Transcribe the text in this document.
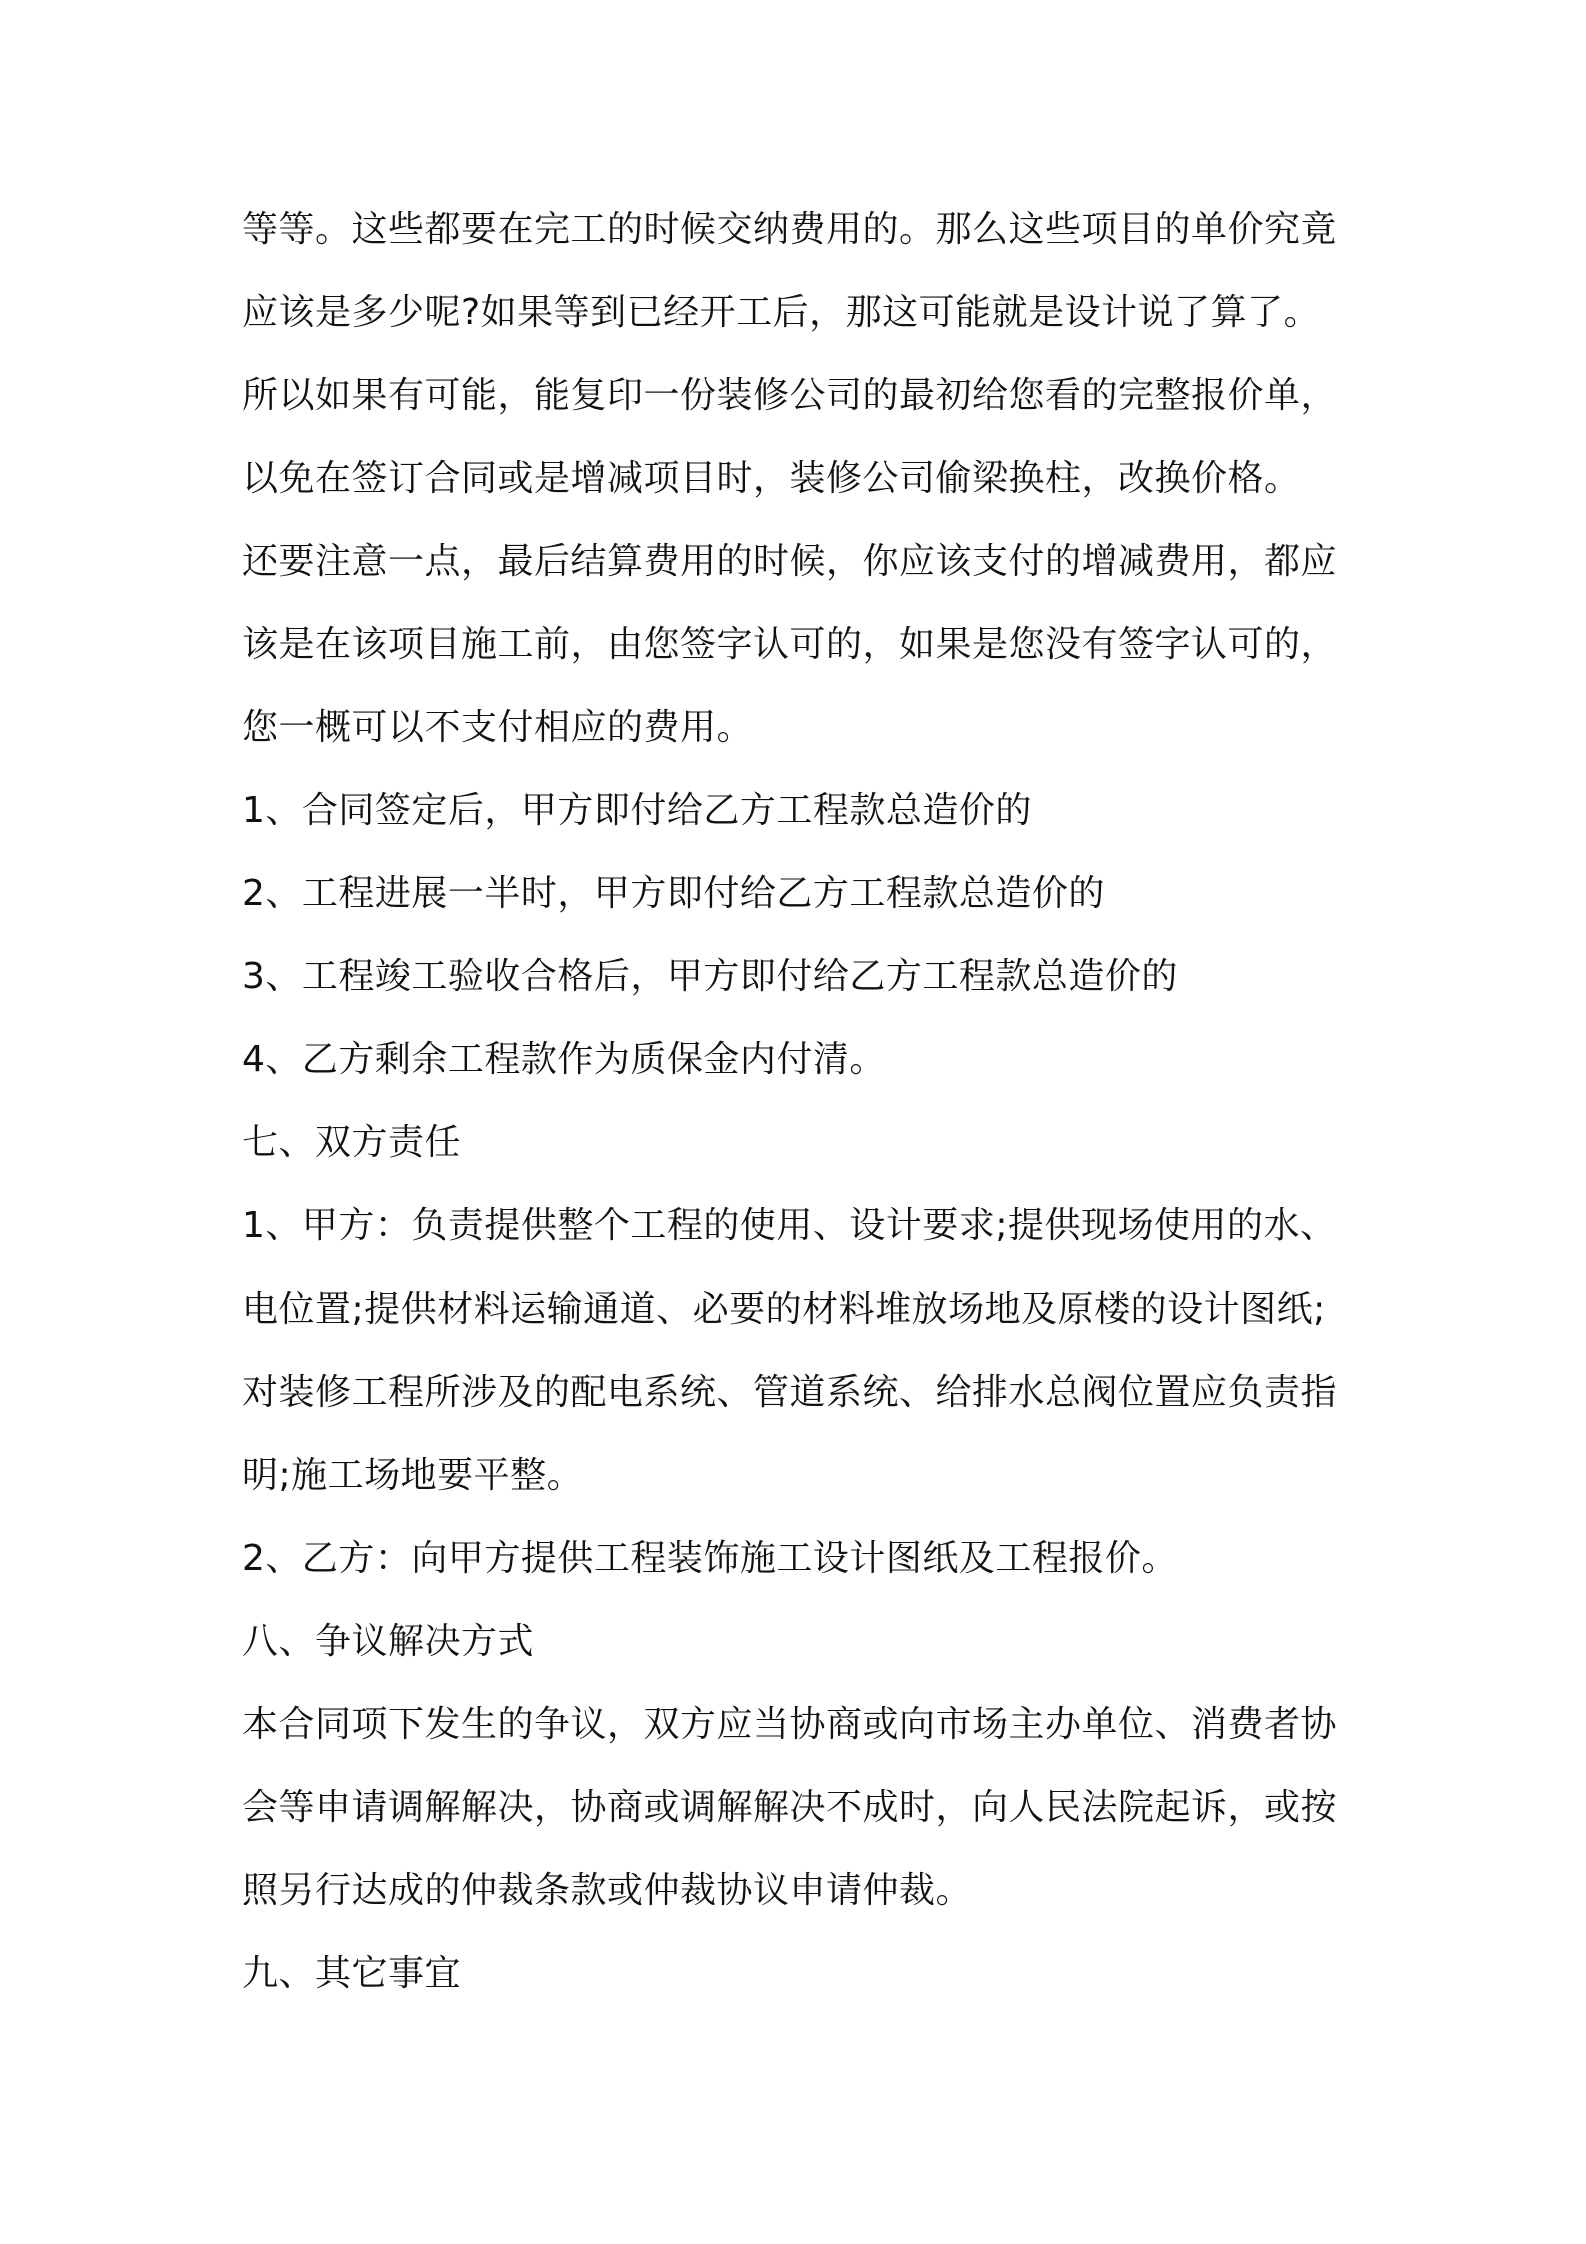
等等。这些都要在完工的时候交纳费用的。那么这些项目的单价究竟
应该是多少呢?如果等到已经开工后，那这可能就是设计说了算了。
所以如果有可能，能复印一份装修公司的最初给您看的完整报价单，
以免在签订合同或是增减项目时，装修公司偷梁换柱，改换价格。
还要注意一点，最后结算费用的时候，你应该支付的增减费用，都应
该是在该项目施工前，由您签字认可的，如果是您没有签字认可的，
您一概可以不支付相应的费用。
1、合同签定后，甲方即付给乙方工程款总造价的
2、工程进展一半时，甲方即付给乙方工程款总造价的
3、工程竣工验收合格后，甲方即付给乙方工程款总造价的
4、乙方剩余工程款作为质保金内付清。
七、双方责任
1、甲方：负责提供整个工程的使用、设计要求;提供现场使用的水、
电位置;提供材料运输通道、必要的材料堆放场地及原楼的设计图纸;
对装修工程所涉及的配电系统、管道系统、给排水总阀位置应负责指
明;施工场地要平整。
2、乙方：向甲方提供工程装饰施工设计图纸及工程报价。
八、争议解决方式
本合同项下发生的争议，双方应当协商或向市场主办单位、消费者协
会等申请调解解决，协商或调解解决不成时，向人民法院起诉，或按
照另行达成的仲裁条款或仲裁协议申请仲裁。
九、其它事宜
